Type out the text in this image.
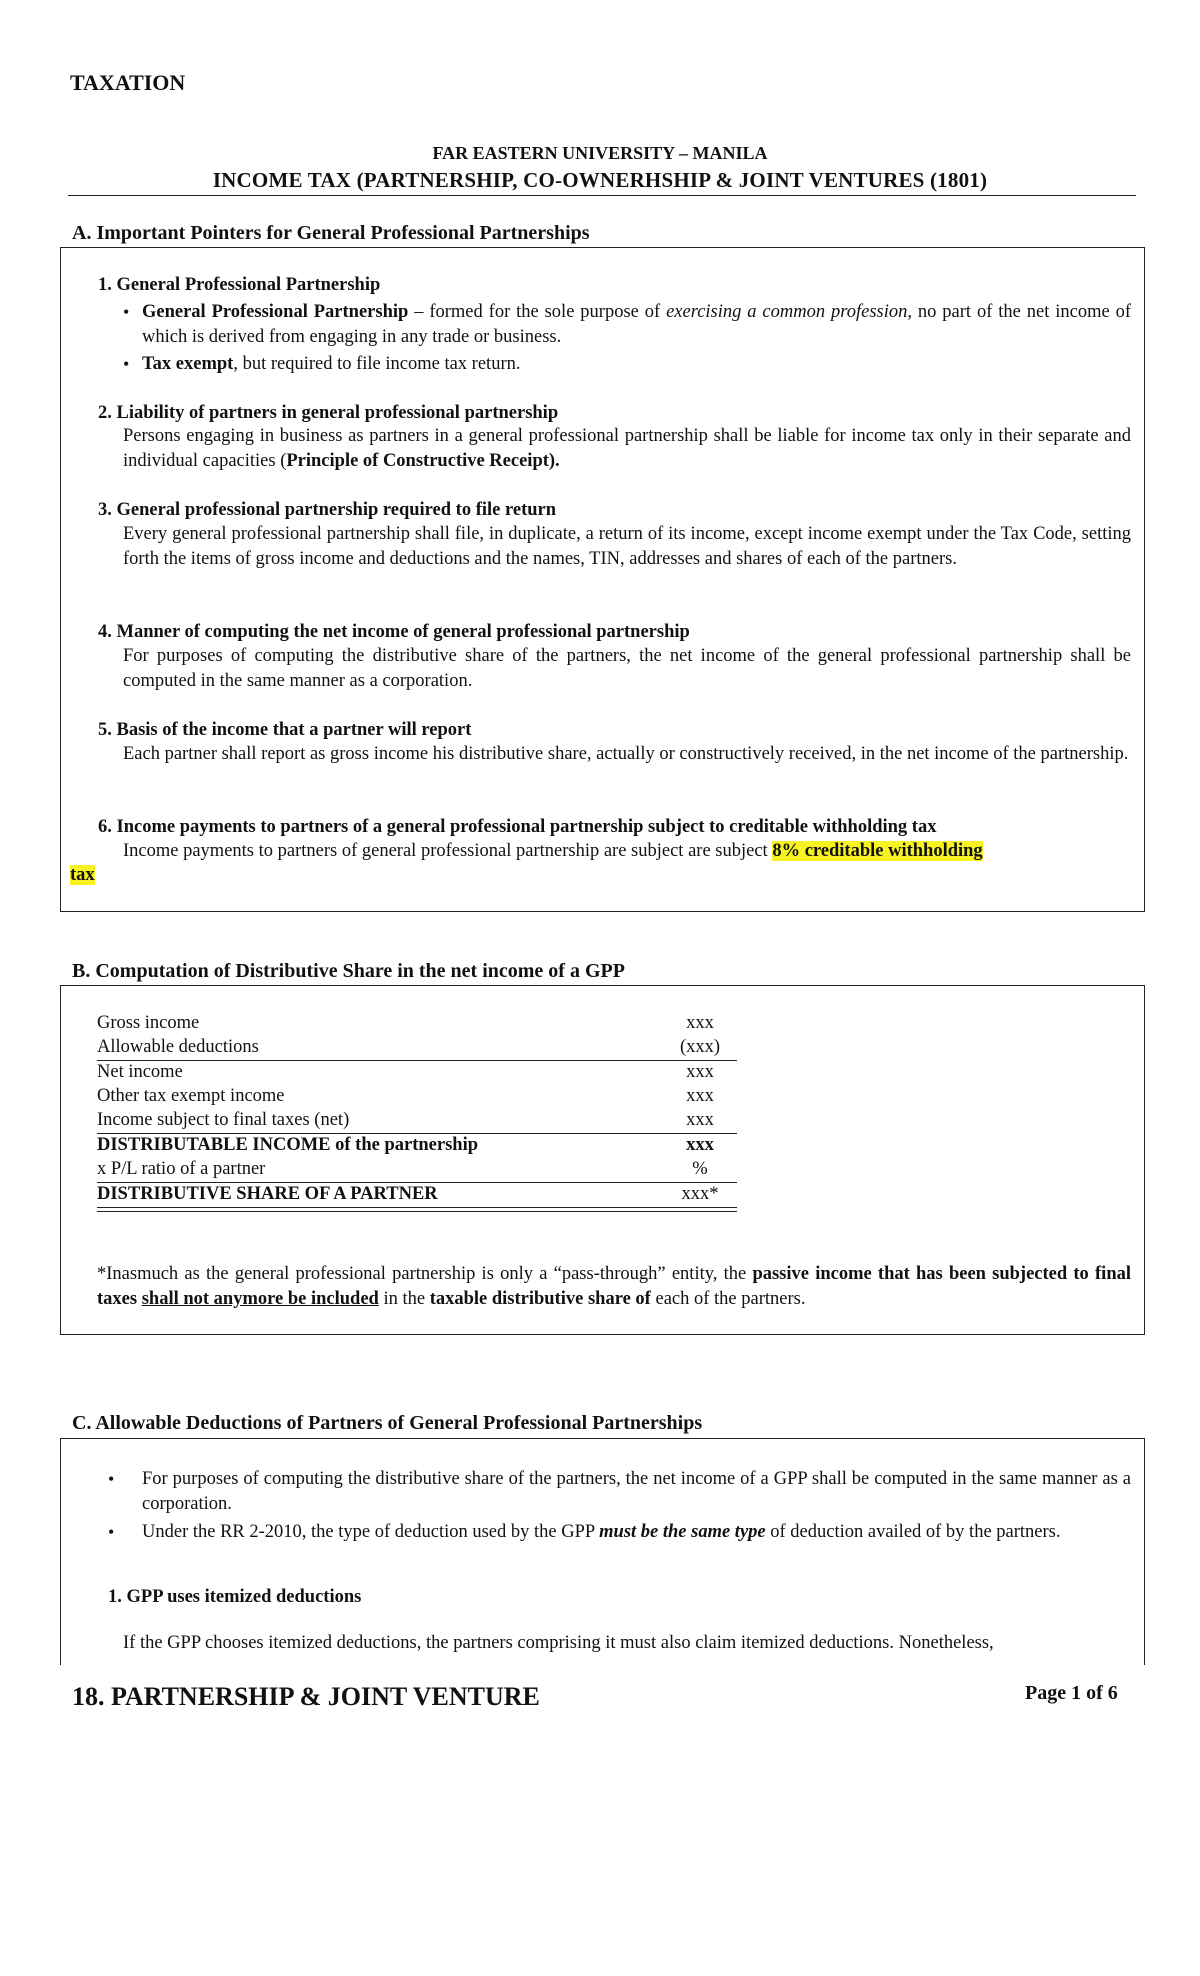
TAXATION
FAR EASTERN UNIVERSITY – MANILA
INCOME TAX (PARTNERSHIP, CO-OWNERHSHIP & JOINT VENTURES (1801)
A. Important Pointers for General Professional Partnerships
1. General Professional Partnership
• General Professional Partnership – formed for the sole purpose of exercising a common profession, no part of the net income of which is derived from engaging in any trade or business.
• Tax exempt, but required to file income tax return.
2. Liability of partners in general professional partnership
Persons engaging in business as partners in a general professional partnership shall be liable for income tax only in their separate and individual capacities (Principle of Constructive Receipt).
3. General professional partnership required to file return
Every general professional partnership shall file, in duplicate, a return of its income, except income exempt under the Tax Code, setting forth the items of gross income and deductions and the names, TIN, addresses and shares of each of the partners.
4. Manner of computing the net income of general professional partnership
For purposes of computing the distributive share of the partners, the net income of the general professional partnership shall be computed in the same manner as a corporation.
5. Basis of the income that a partner will report
Each partner shall report as gross income his distributive share, actually or constructively received, in the net income of the partnership.
6. Income payments to partners of a general professional partnership subject to creditable withholding tax
Income payments to partners of general professional partnership are subject are subject 8% creditable withholding
tax
B. Computation of Distributive Share in the net income of a GPP
Gross income	xxx
Allowable deductions	(xxx)
Net income	xxx
Other tax exempt income	xxx
Income subject to final taxes (net)	xxx
DISTRIBUTABLE INCOME of the partnership	xxx
x P/L ratio of a partner	%
DISTRIBUTIVE SHARE OF A PARTNER	xxx*
*Inasmuch as the general professional partnership is only a “pass-through” entity, the passive income that has been subjected to final taxes shall not anymore be included in the taxable distributive share of each of the partners.
C. Allowable Deductions of Partners of General Professional Partnerships
•	For purposes of computing the distributive share of the partners, the net income of a GPP shall be computed in the same manner as a corporation.
•	Under the RR 2-2010, the type of deduction used by the GPP must be the same type of deduction availed of by the partners.
1. GPP uses itemized deductions
If the GPP chooses itemized deductions, the partners comprising it must also claim itemized deductions. Nonetheless,
18. PARTNERSHIP & JOINT VENTURE	Page 1 of 6
